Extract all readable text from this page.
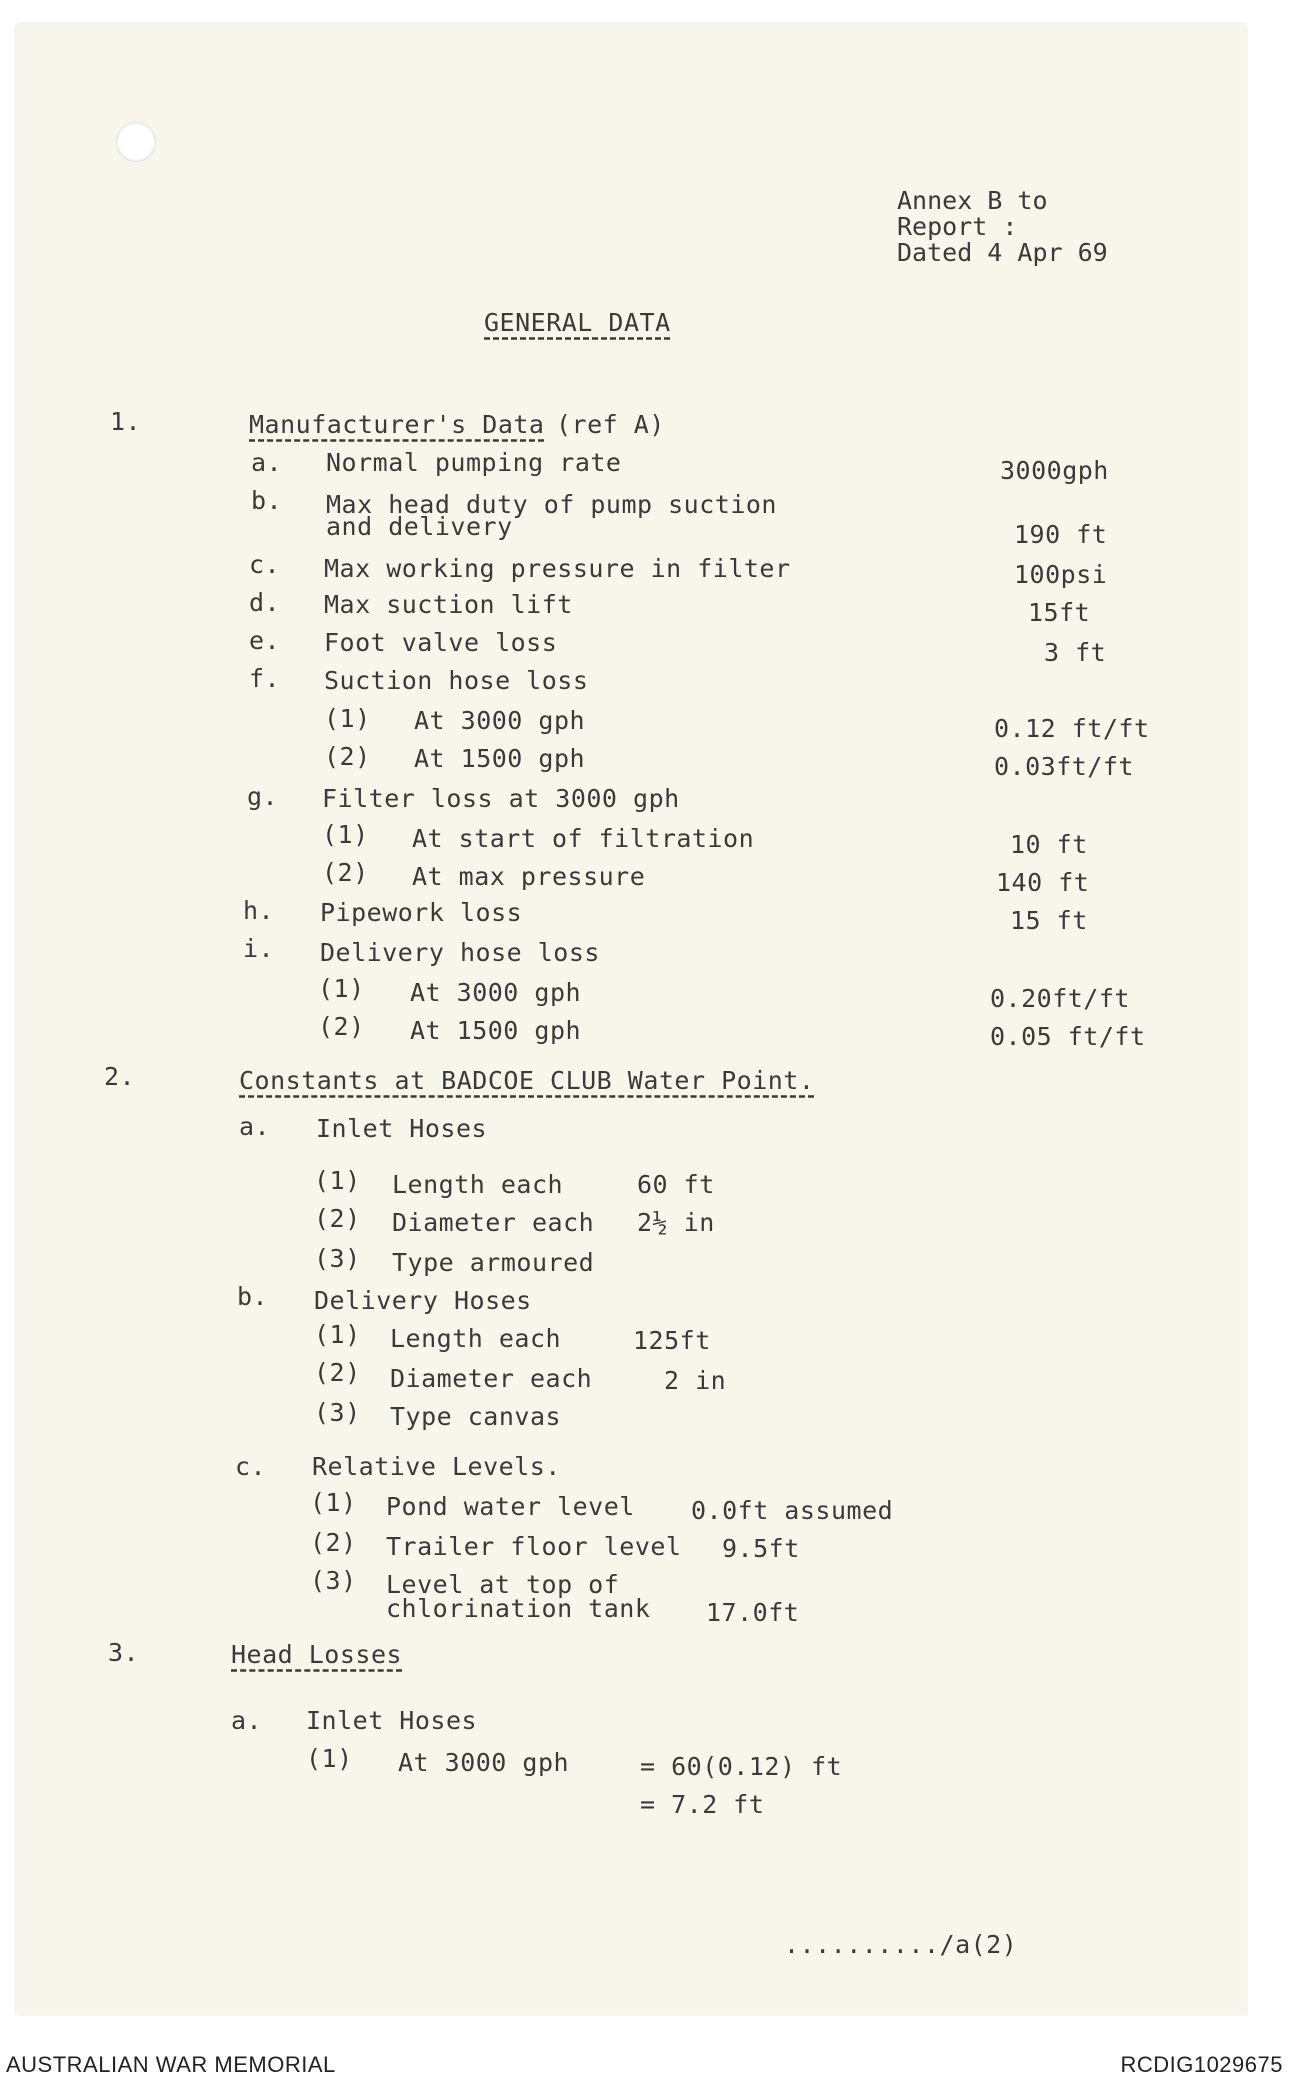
Annex B to
Report :
Dated 4 Apr 69
GENERAL DATA
1.	Manufacturer's Data (ref A)
a. Normal pumping rate	3000gph
b. Max head duty of pump suction
and delivery	190 ft
c. Max working pressure in filter	100psi
d. Max suction lift	15ft
e. Foot valve loss	3 ft
f. Suction hose loss
(1) At 3000 gph	0.12 ft/ft
(2) At 1500 gph	0.03ft/ft
g. Filter loss at 3000 gph
(1) At start of filtration	10 ft
(2) At max pressure	140 ft
h. Pipework loss	15 ft
i. Delivery hose loss
(1) At 3000 gph	0.20ft/ft
(2) At 1500 gph	0.05 ft/ft
2.	Constants at BADCOE CLUB Water Point.
a. Inlet Hoses
(1) Length each	60 ft
(2) Diameter each 2½ in
(3) Type armoured
b. Delivery Hoses
(1) Length each	125ft
(2) Diameter each	2 in
(3) Type canvas
c. Relative Levels.
(1) Pond water level 0.0ft assumed
(2) Trailer floor level 9.5ft
(3) Level at top of
chlorination tank 17.0ft
3.	Head Losses
a. Inlet Hoses
(1) At 3000 gph	= 60(0.12) ft
= 7.2 ft
........../a(2)
AUSTRALIAN WAR MEMORIAL	RCDIG1029675
